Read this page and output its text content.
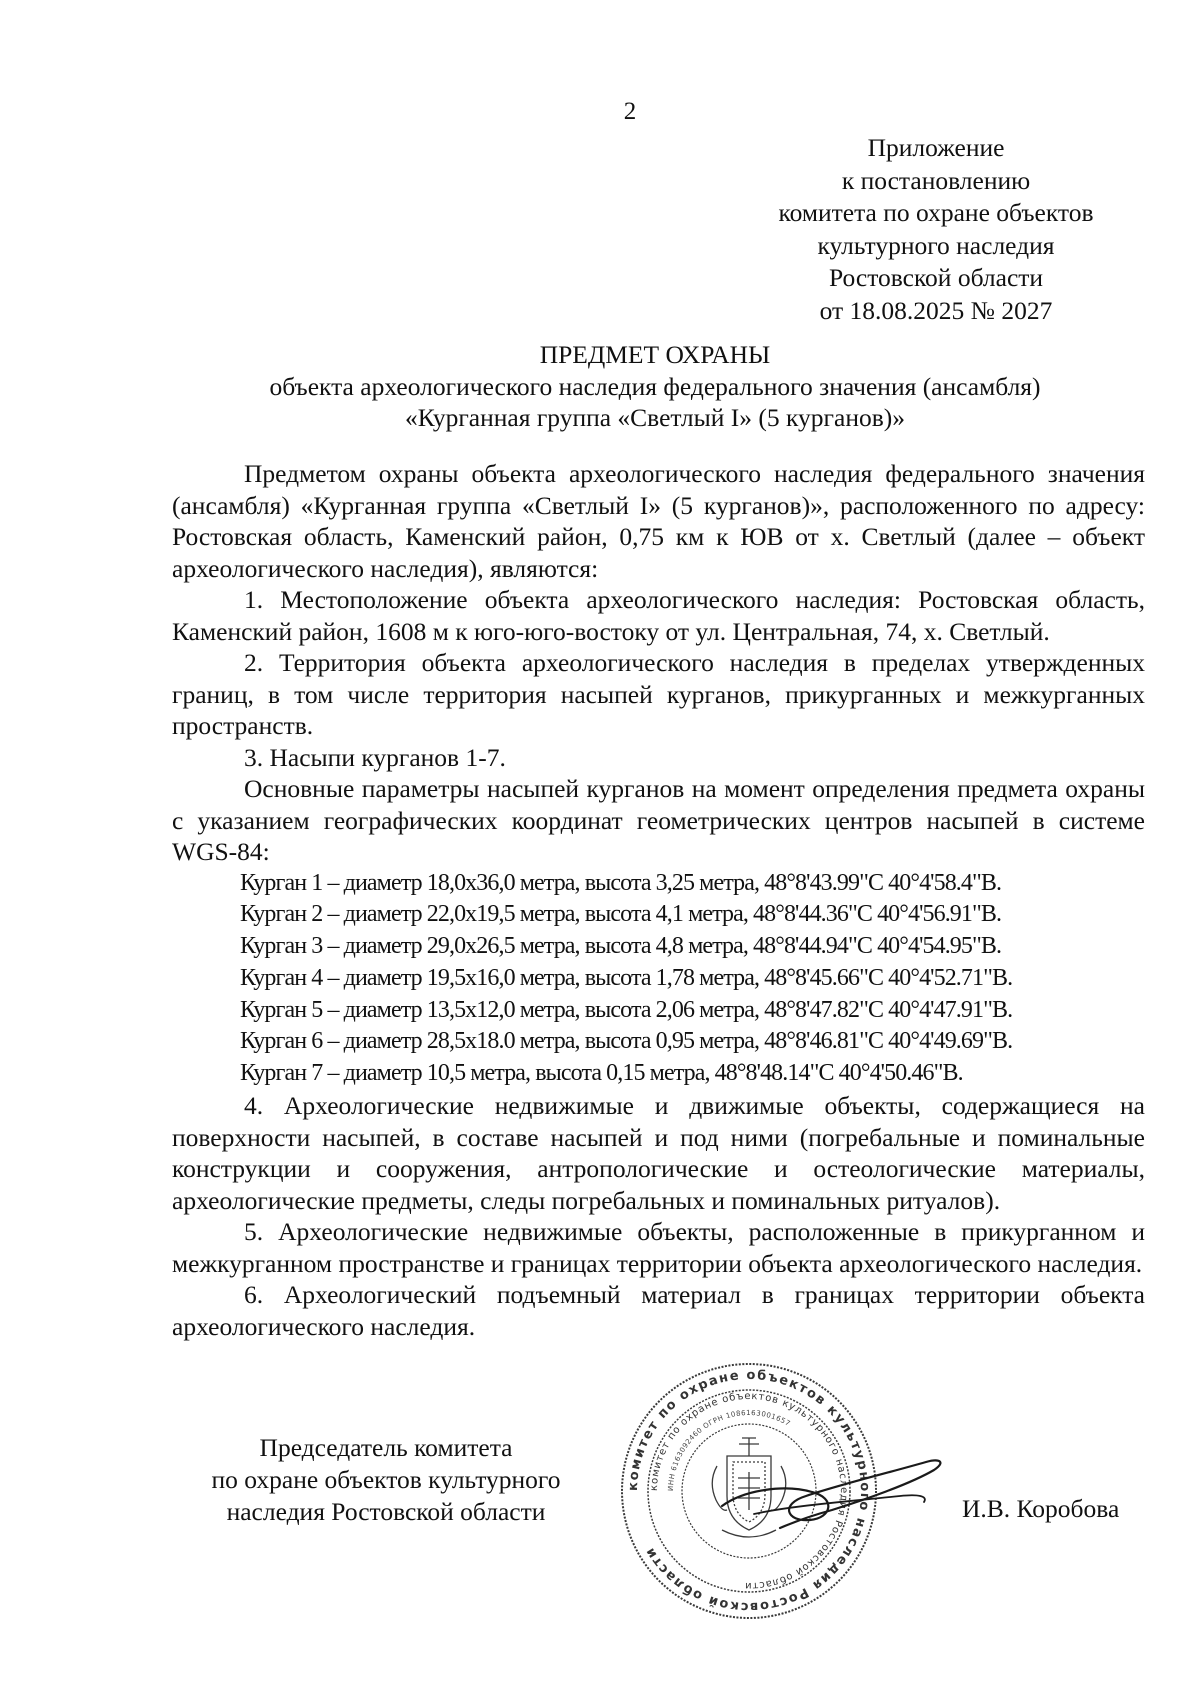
2
Приложение
к постановлению
комитета по охране объектов
культурного наследия
Ростовской области
от 18.08.2025 № 2027
ПРЕДМЕТ ОХРАНЫ
объекта археологического наследия федерального значения (ансамбля)
«Курганная группа «Светлый I» (5 курганов)»

Предметом охраны объекта археологического наследия федерального значения (ансамбля) «Курганная группа «Светлый I» (5 курганов)», расположенного по адресу: Ростовская область, Каменский район, 0,75 км к ЮВ от х. Светлый (далее – объект археологического наследия), являются:

1. Местоположение объекта археологического наследия: Ростовская область, Каменский район, 1608 м к юго-юго-востоку от ул. Центральная, 74, х. Светлый.

2. Территория объекта археологического наследия в пределах утвержденных границ, в том числе территория насыпей курганов, прикурганных и межкурганных пространств.

3. Насыпи курганов 1-7.

Основные параметры насыпей курганов на момент определения предмета охраны с указанием географических координат геометрических центров насыпей в системе WGS-84:

Курган 1 – диаметр 18,0х36,0 метра, высота 3,25 метра, 48°8'43.99"С 40°4'58.4"В.
Курган 2 – диаметр 22,0х19,5 метра, высота 4,1 метра, 48°8'44.36"С 40°4'56.91"В.
Курган 3 – диаметр 29,0х26,5 метра, высота 4,8 метра, 48°8'44.94"С 40°4'54.95"В.
Курган 4 – диаметр 19,5х16,0 метра, высота 1,78 метра, 48°8'45.66"С 40°4'52.71"В.
Курган 5 – диаметр 13,5х12,0 метра, высота 2,06 метра, 48°8'47.82"С 40°4'47.91"В.
Курган 6 – диаметр 28,5х18.0 метра, высота 0,95 метра, 48°8'46.81"С 40°4'49.69"В.
Курган 7 – диаметр 10,5 метра, высота 0,15 метра, 48°8'48.14"С 40°4'50.46"В.

4. Археологические недвижимые и движимые объекты, содержащиеся на поверхности насыпей, в составе насыпей и под ними (погребальные и поминальные конструкции и сооружения, антропологические и остеологические материалы, археологические предметы, следы погребальных и поминальных ритуалов).

5. Археологические недвижимые объекты, расположенные в прикурганном и межкурганном пространстве и границах территории объекта археологического наследия.

6. Археологический подъемный материал в границах территории объекта археологического наследия.

Председатель комитета
по охране объектов культурного
наследия Ростовской области
комитет по охране объектов культурного наследия Ростовской области
комитет по охране объектов культурного наследия Ростовской области
ИНН 6163092460 ОГРН 1086163001657
И.В. Коробова
